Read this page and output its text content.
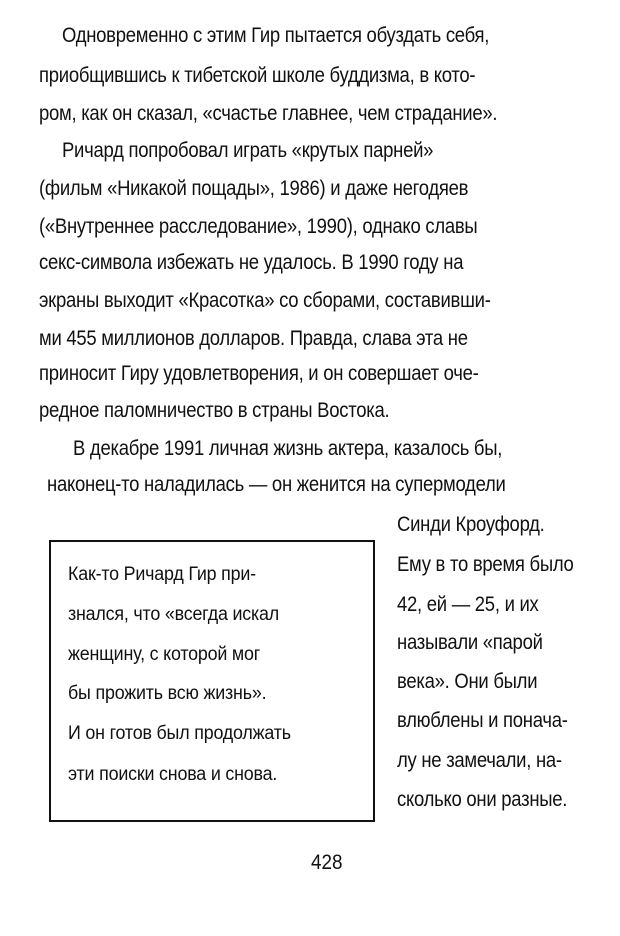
Одновременно с этим Гир пытается обуздать себя,
приобщившись к тибетской школе буддизма, в кото-
ром, как он сказал, «счастье главнее, чем страдание».
Ричард попробовал играть «крутых парней»
(фильм «Никакой пощады», 1986) и даже негодяев
(«Внутреннее расследование», 1990), однако славы
секс-символа избежать не удалось. В 1990 году на
экраны выходит «Красотка» со сборами, составивши-
ми 455 миллионов долларов. Правда, слава эта не
приносит Гиру удовлетворения, и он совершает оче-
редное паломничество в страны Востока.
В декабре 1991 личная жизнь актера, казалось бы,
наконец-то наладилась — он женится на супермодели
Синди Кроуфорд.
Ему в то время было
42, ей — 25, и их
называли «парой
века». Они были
влюблены и понача-
лу не замечали, на-
сколько они разные.
Как-то Ричард Гир при-
знался, что «всегда искал
женщину, с которой мог
бы прожить всю жизнь».
И он готов был продолжать
эти поиски снова и снова.
428
